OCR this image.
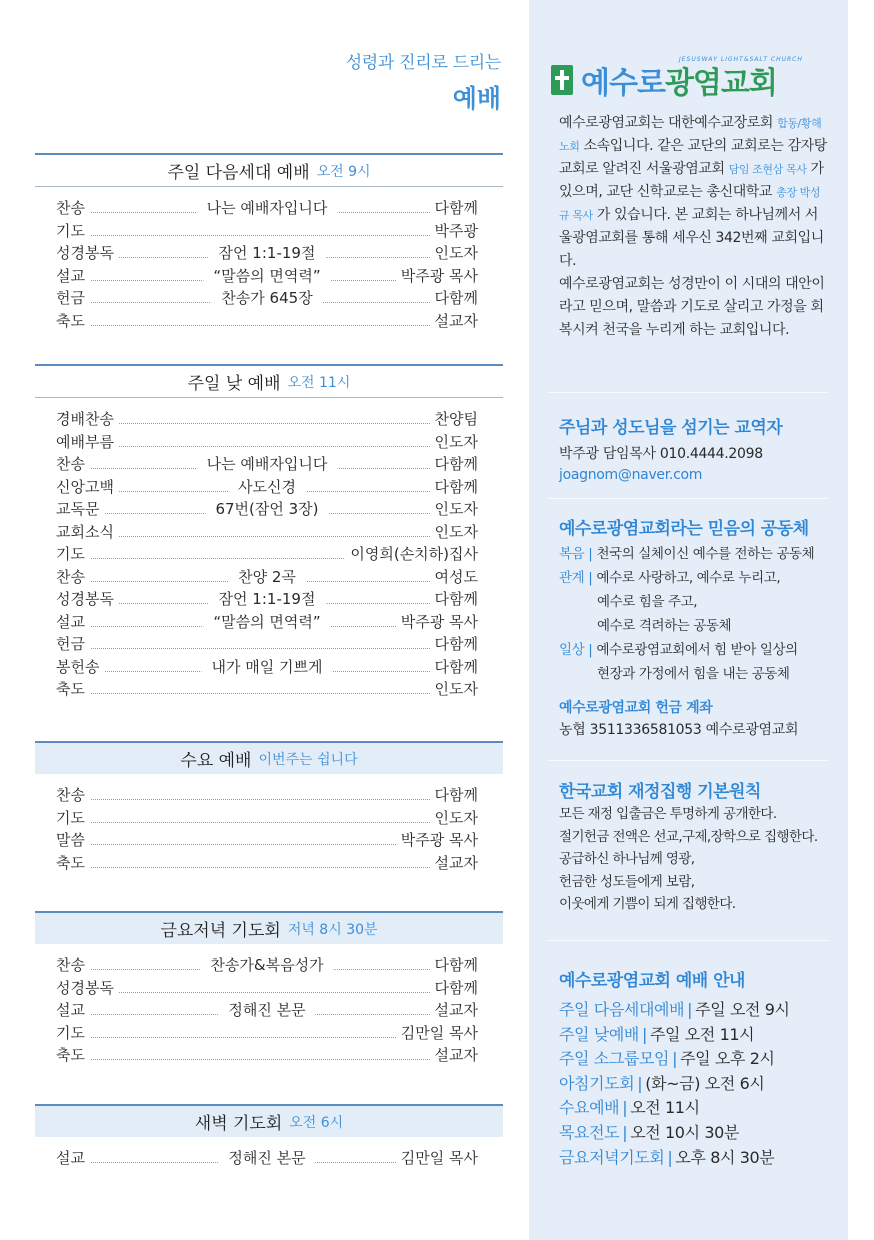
성령과 진리로 드리는
예배
주일 다음세대 예배 오전 9시
찬송	나는 예배자입니다	다함께
기도	박주광
성경봉독	잠언 1:1-19절	인도자
설교	“말씀의 면역력”	박주광 목사
헌금	찬송가 645장	다함께
축도	설교자
주일 낮 예배 오전 11시
경배찬송	찬양팀
예배부름	인도자
찬송	나는 예배자입니다	다함께
신앙고백	사도신경	다함께
교독문	67번(잠언 3장)	인도자
교회소식	인도자
기도	이영희(손치하)집사
찬송	찬양 2곡	여성도
성경봉독	잠언 1:1-19절	다함께
설교	“말씀의 면역력”	박주광 목사
헌금	다함께
봉헌송	내가 매일 기쁘게	다함께
축도	인도자
수요 예배 이번주는 쉽니다
찬송	다함께
기도	인도자
말씀	박주광 목사
축도	설교자
금요저녁 기도회 저녁 8시 30분
찬송	찬송가&복음성가	다함께
성경봉독	다함께
설교	정해진 본문	설교자
기도	김만일 목사
축도	설교자
새벽 기도회 오전 6시
설교	정해진 본문	김만일 목사
예수로광염교회
JESUSWAY LIGHT&SALT CHURCH
예수로광염교회는 대한예수교장로회 합동/황해노회 소속입니다. 같은 교단의 교회로는 감자탕교회로 알려진 서울광염교회 담임 조현삼 목사 가 있으며, 교단 신학교로는 총신대학교 총장 박성규 목사 가 있습니다. 본 교회는 하나님께서 서울광염교회를 통해 세우신 342번째 교회입니다.
예수로광염교회는 성경만이 이 시대의 대안이라고 믿으며, 말씀과 기도로 살리고 가정을 회복시켜 천국을 누리게 하는 교회입니다.
주님과 성도님을 섬기는 교역자
박주광 담임목사 010.4444.2098
joagnom@naver.com
예수로광염교회라는 믿음의 공동체
복음 | 천국의 실체이신 예수를 전하는 공동체
관계 | 예수로 사랑하고, 예수로 누리고,
예수로 힘을 주고,
예수로 격려하는 공동체
일상 | 예수로광염교회에서 힘 받아 일상의
현장과 가정에서 힘을 내는 공동체
예수로광염교회 헌금 계좌
농협 3511336581053 예수로광염교회
한국교회 재정집행 기본원칙
모든 재정 입출금은 투명하게 공개한다.
절기헌금 전액은 선교,구제,장학으로 집행한다.
공급하신 하나님께 영광,
헌금한 성도들에게 보람,
이웃에게 기쁨이 되게 집행한다.
예수로광염교회 예배 안내
주일 다음세대예배 | 주일 오전 9시
주일 낮예배 | 주일 오전 11시
주일 소그룹모임 | 주일 오후 2시
아침기도회 | (화~금) 오전 6시
수요예배 | 오전 11시
목요전도 | 오전 10시 30분
금요저녁기도회 | 오후 8시 30분
